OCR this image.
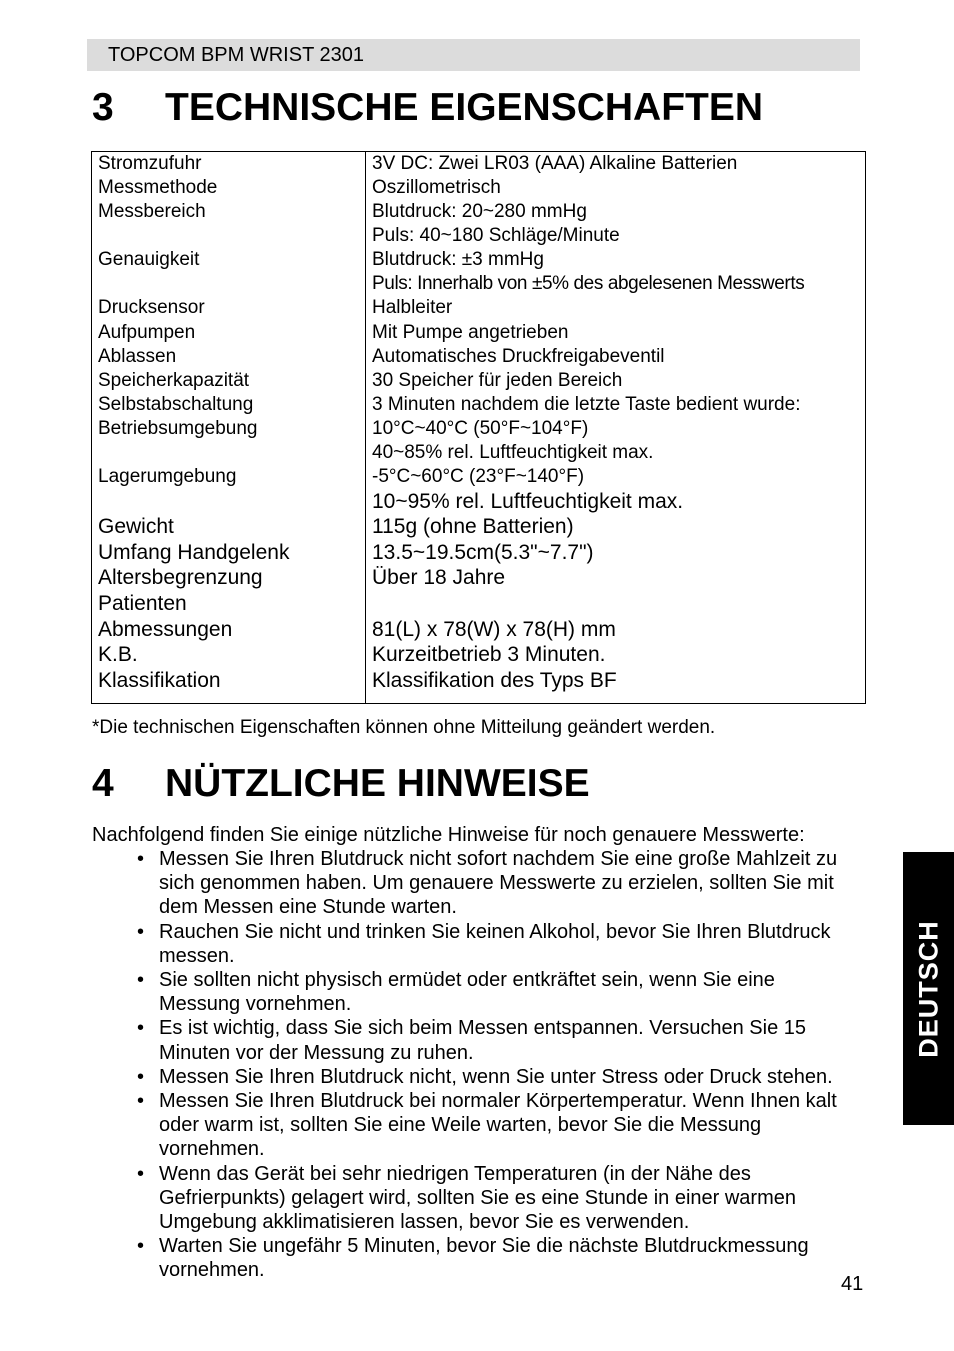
TOPCOM BPM WRIST 2301
3 TECHNISCHE EIGENSCHAFTEN
Stromzufuhr	3V DC: Zwei LR03 (AAA) Alkaline Batterien
Messmethode	Oszillometrisch
Messbereich	Blutdruck: 20~280 mmHg
Puls: 40~180 Schläge/Minute
Genauigkeit	Blutdruck: ±3 mmHg
Puls: Innerhalb von ±5% des abgelesenen Messwerts
Drucksensor	Halbleiter
Aufpumpen	Mit Pumpe angetrieben
Ablassen	Automatisches Druckfreigabeventil
Speicherkapazität	30 Speicher für jeden Bereich
Selbstabschaltung	3 Minuten nachdem die letzte Taste bedient wurde:
Betriebsumgebung	10°C~40°C (50°F~104°F)
40~85% rel. Luftfeuchtigkeit max.
Lagerumgebung	-5°C~60°C (23°F~140°F)
10~95% rel. Luftfeuchtigkeit max.
Gewicht	115g (ohne Batterien)
Umfang Handgelenk	13.5~19.5cm(5.3"~7.7")
Altersbegrenzung	Über 18 Jahre
Patienten
Abmessungen	81(L) x 78(W) x 78(H) mm
K.B.	Kurzeitbetrieb 3 Minuten.
Klassifikation	Klassifikation des Typs BF
*Die technischen Eigenschaften können ohne Mitteilung geändert werden.
4 NÜTZLICHE HINWEISE
Nachfolgend finden Sie einige nützliche Hinweise für noch genauere Messwerte:
• Messen Sie Ihren Blutdruck nicht sofort nachdem Sie eine große Mahlzeit zu
sich genommen haben. Um genauere Messwerte zu erzielen, sollten Sie mit
dem Messen eine Stunde warten.
• Rauchen Sie nicht und trinken Sie keinen Alkohol, bevor Sie Ihren Blutdruck
messen.
• Sie sollten nicht physisch ermüdet oder entkräftet sein, wenn Sie eine
Messung vornehmen.
• Es ist wichtig, dass Sie sich beim Messen entspannen. Versuchen Sie 15
Minuten vor der Messung zu ruhen.
• Messen Sie Ihren Blutdruck nicht, wenn Sie unter Stress oder Druck stehen.
• Messen Sie Ihren Blutdruck bei normaler Körpertemperatur. Wenn Ihnen kalt
oder warm ist, sollten Sie eine Weile warten, bevor Sie die Messung
vornehmen.
• Wenn das Gerät bei sehr niedrigen Temperaturen (in der Nähe des
Gefrierpunkts) gelagert wird, sollten Sie es eine Stunde in einer warmen
Umgebung akklimatisieren lassen, bevor Sie es verwenden.
• Warten Sie ungefähr 5 Minuten, bevor Sie die nächste Blutdruckmessung
vornehmen.
DEUTSCH
41
